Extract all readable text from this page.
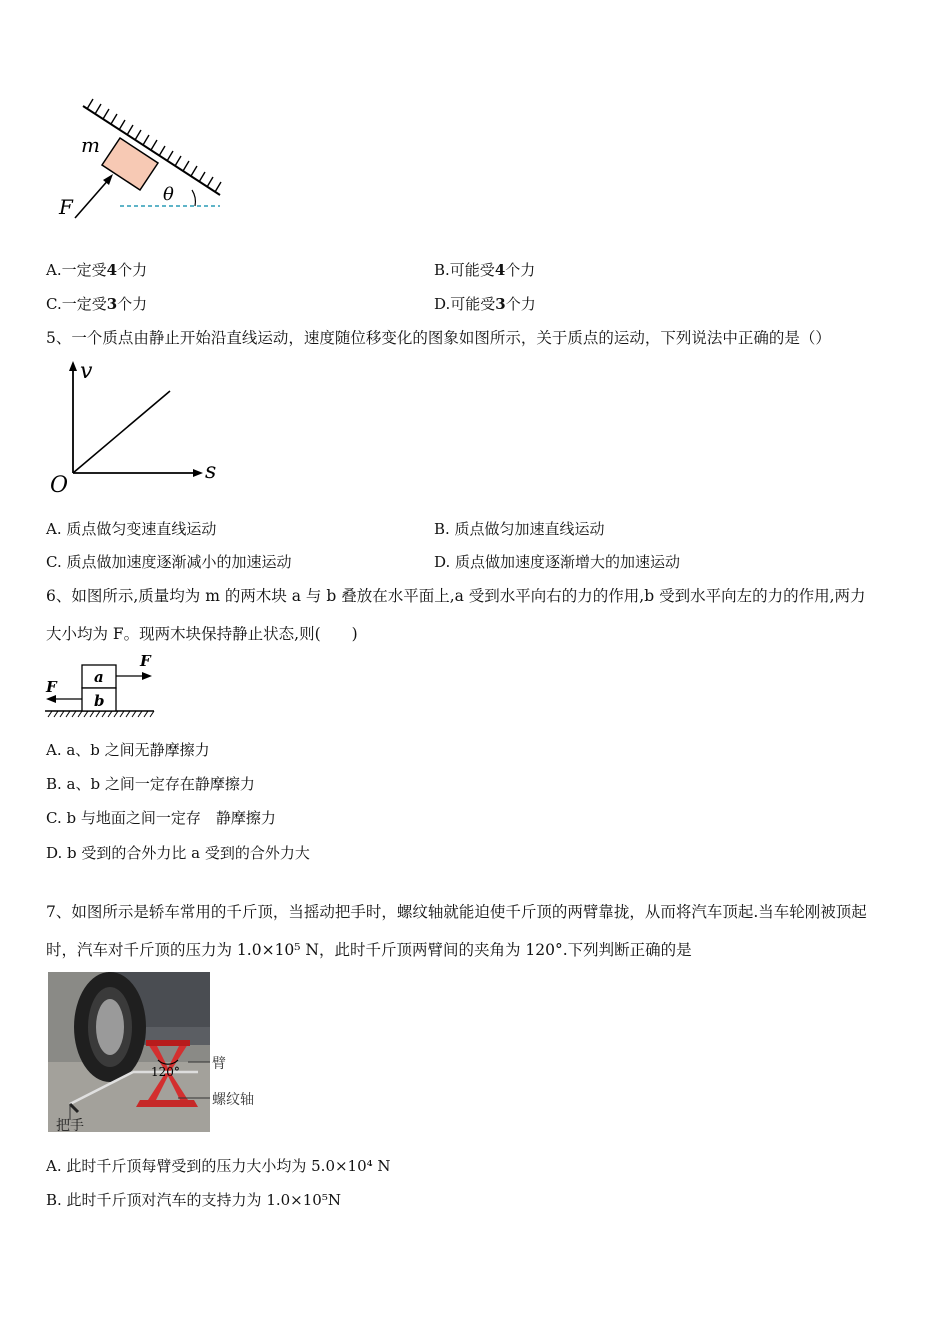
m
F
θ
A.一定受4个力	B.可能受4个力
C.一定受3个力	D.可能受3个力
5、一个质点由静止开始沿直线运动，速度随位移变化的图象如图所示，关于质点的运动，下列说法中正确的是（）
v
s
O
A. 质点做匀变速直线运动	B. 质点做匀加速直线运动
C. 质点做加速度逐渐减小的加速运动	D. 质点做加速度逐渐增大的加速运动
6、如图所示,质量均为 m 的两木块 a 与 b 叠放在水平面上,a 受到水平向右的力的作用,b 受到水平向左的力的作用,两力
大小均为 F。现两木块保持静止状态,则(　　)
a
b
F
F
A. a、b 之间无静摩擦力
B. a、b 之间一定存在静摩擦力
C. b 与地面之间一定存　静摩擦力
D. b 受到的合外力比 a 受到的合外力大
7、如图所示是轿车常用的千斤顶，当摇动把手时，螺纹轴就能迫使千斤顶的两臂靠拢，从而将汽车顶起.当车轮刚被顶起
时，汽车对千斤顶的压力为 1.0×10⁵ N，此时千斤顶两臂间的夹角为 120°.下列判断正确的是
120° 臂
螺纹轴
把手
A. 此时千斤顶每臂受到的压力大小均为 5.0×10⁴ N
B. 此时千斤顶对汽车的支持力为 1.0×10⁵N
